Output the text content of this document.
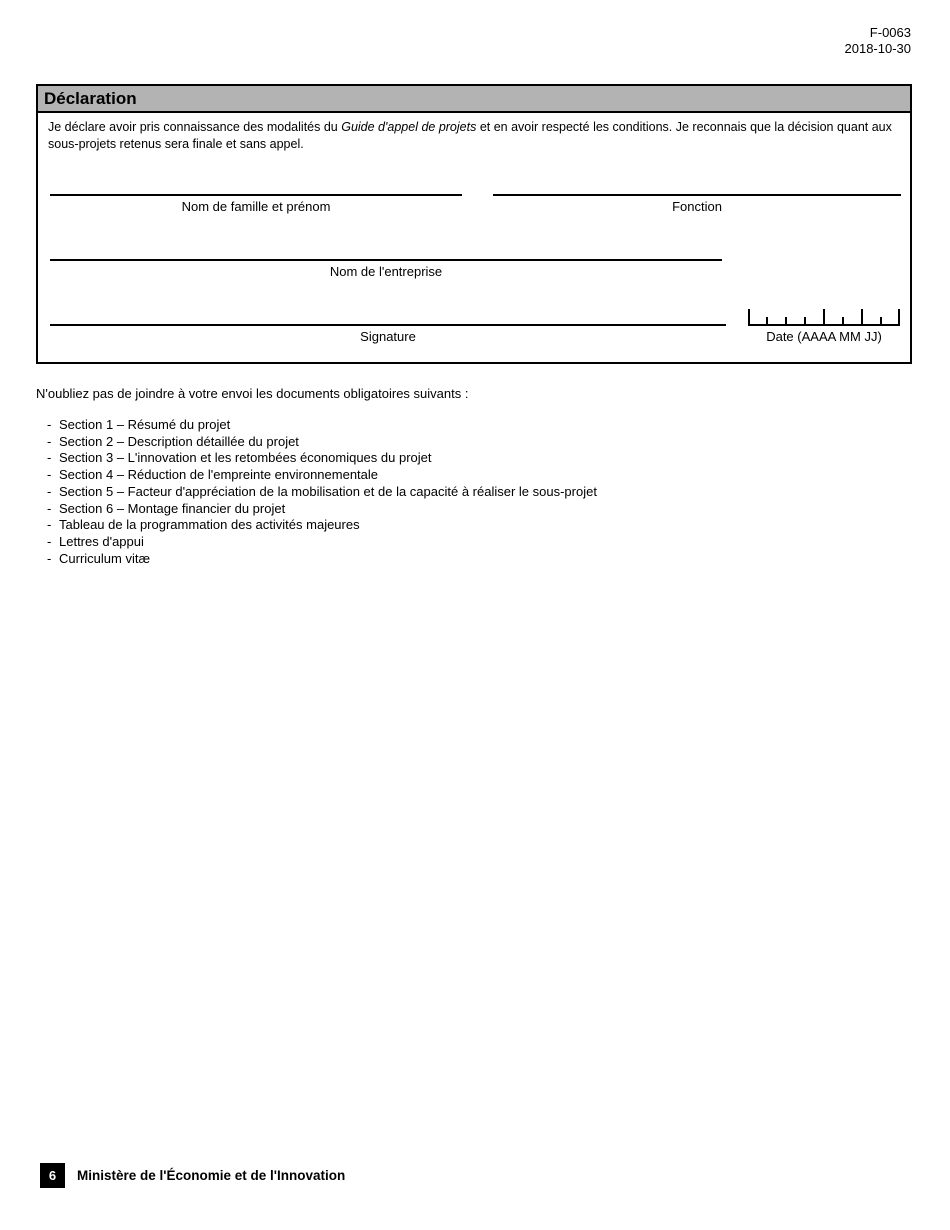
F-0063
2018-10-30
Déclaration
Je déclare avoir pris connaissance des modalités du Guide d'appel de projets et en avoir respecté les conditions. Je reconnais que la décision quant aux sous-projets retenus sera finale et sans appel.
Nom de famille et prénom	Fonction
Nom de l'entreprise
Signature	Date (AAAA MM JJ)
N'oubliez pas de joindre à votre envoi les documents obligatoires suivants :
- Section 1 – Résumé du projet
- Section 2 – Description détaillée du projet
- Section 3 – L'innovation et les retombées économiques du projet
- Section 4 – Réduction de l'empreinte environnementale
- Section 5 – Facteur d'appréciation de la mobilisation et de la capacité à réaliser le sous-projet
- Section 6 – Montage financier du projet
- Tableau de la programmation des activités majeures
- Lettres d'appui
- Curriculum vitæ
6	Ministère de l'Économie et de l'Innovation
